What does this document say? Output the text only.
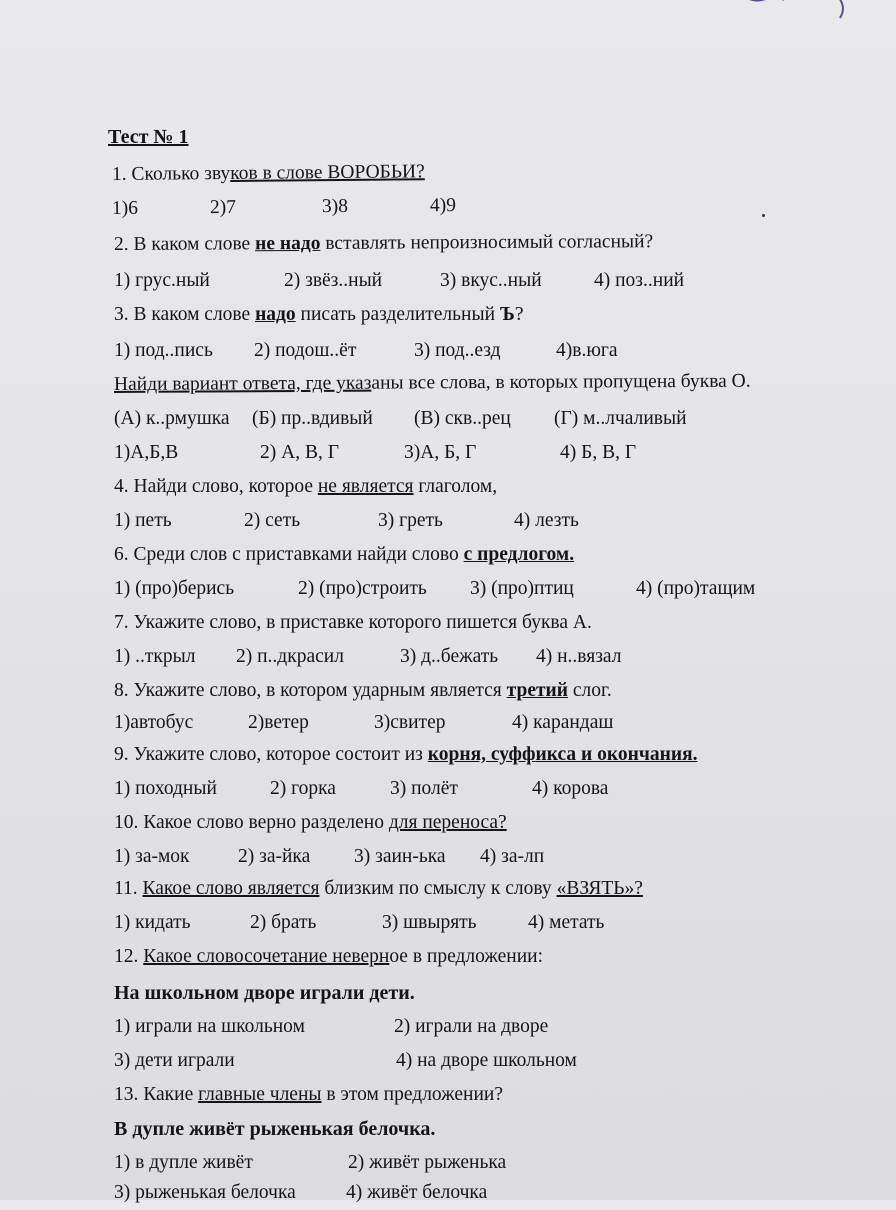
Тест № 1
1. Сколько звуков в слове ВОРОБЬИ?
1)6	2)7	3)8	4)9
2. В каком слове не надо вставлять непроизносимый согласный?
1) грус.ный	2) звёз..ный	3) вкус..ный	4) поз..ний
3. В каком слове надо писать разделительный Ъ?
1) под..пись 2) подош..ёт	3) под..езд	4)в.юга
Найди вариант ответа, где указаны все слова, в которых пропущена буква О.
(А) к..рмушка (Б) пр..вдивый (В) скв..рец (Г) м..лчаливый
1)А,Б,В	2) А, В, Г	3)А, Б, Г	4) Б, В, Г
4. Найди слово, которое не является глаголом,
1) петь	2) сеть	3) греть	4) лезть
6. Среди слов с приставками найди слово с предлогом.
1) (про)берись	2) (про)строить 3) (про)птиц	4) (про)тащим
7. Укажите слово, в приставке которого пишется буква А.
1) ..ткрыл 2) п..дкрасил	3) д..бежать 4) н..вязал
8. Укажите слово, в котором ударным является третий слог.
1)автобус	2)ветер	3)свитер	4) карандаш
9. Укажите слово, которое состоит из корня, суффикса и окончания.
1) походный	2) горка	3) полёт	4) корова
10. Какое слово верно разделено для переноса?
1) за-мок 2) за-йка 3) заин-ька 4) за-лп
11. Какое слово является близким по смыслу к слову «ВЗЯТЬ»?
1) кидать	2) брать	3) швырять	4) метать
12. Какое словосочетание неверное в предложении:
На школьном дворе играли дети.
1) играли на школьном	2) играли на дворе
3) дети играли	4) на дворе школьном
13. Какие главные члены в этом предложении?
В дупле живёт рыженькая белочка.
1) в дупле живёт	2) живёт рыженька
3) рыженькая белочка	4) живёт белочка
